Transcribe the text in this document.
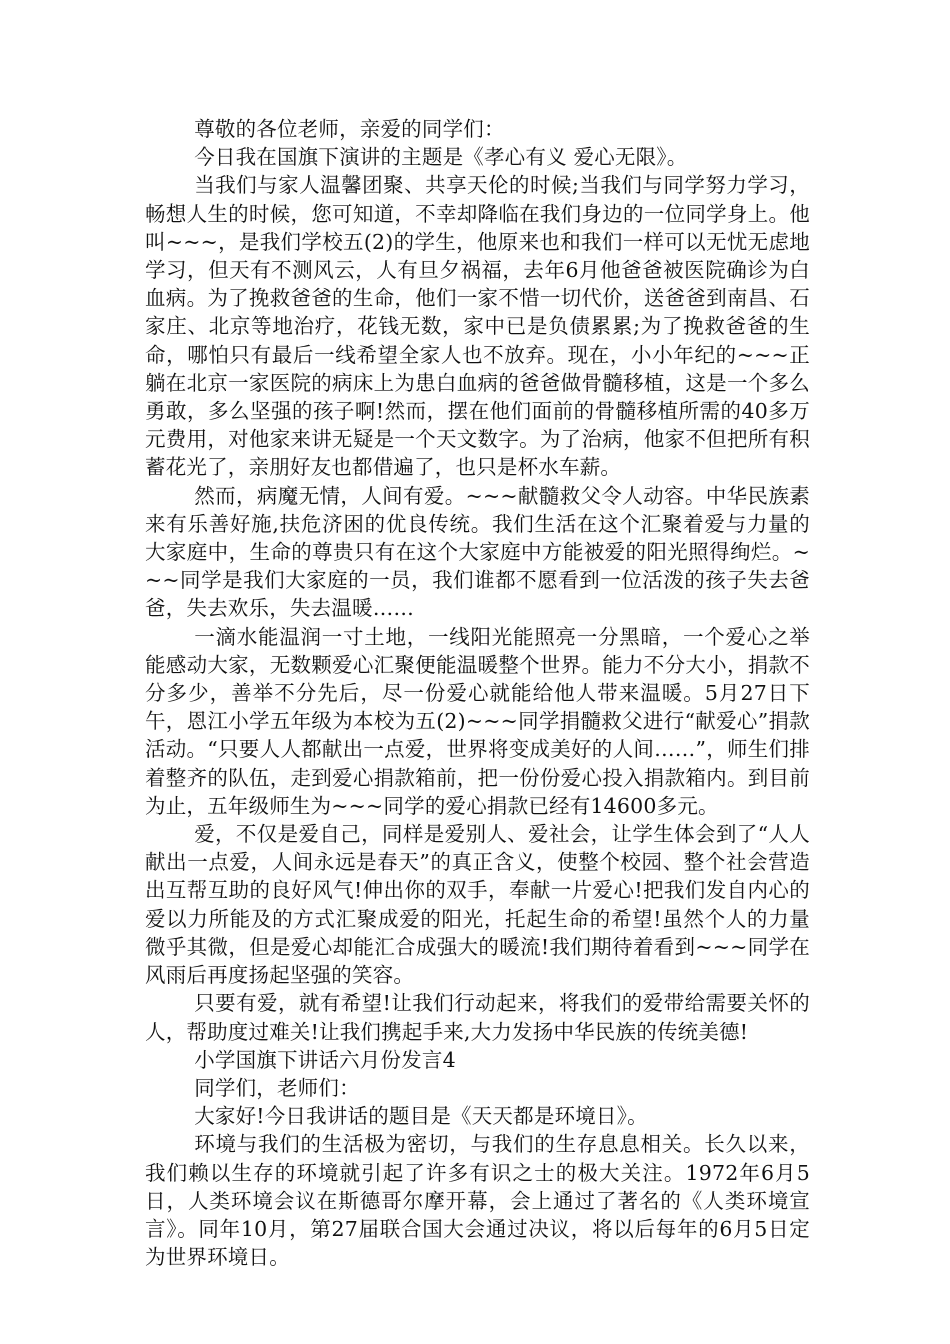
尊敬的各位老师，亲爱的同学们：

今日我在国旗下演讲的主题是《孝心有义 爱心无限》。

当我们与家人温馨团聚、共享天伦的时候;当我们与同学努力学习，畅想人生的时候，您可知道，不幸却降临在我们身边的一位同学身上。他叫~~~，是我们学校五(2)的学生，他原来也和我们一样可以无忧无虑地学习，但天有不测风云，人有旦夕祸福，去年6月他爸爸被医院确诊为白血病。为了挽救爸爸的生命，他们一家不惜一切代价，送爸爸到南昌、石家庄、北京等地治疗，花钱无数，家中已是负债累累;为了挽救爸爸的生命，哪怕只有最后一线希望全家人也不放弃。现在，小小年纪的~~~正躺在北京一家医院的病床上为患白血病的爸爸做骨髓移植，这是一个多么勇敢，多么坚强的孩子啊!然而，摆在他们面前的骨髓移植所需的40多万元费用，对他家来讲无疑是一个天文数字。为了治病，他家不但把所有积蓄花光了，亲朋好友也都借遍了，也只是杯水车薪。

然而，病魔无情，人间有爱。~~~献髓救父令人动容。中华民族素来有乐善好施,扶危济困的优良传统。我们生活在这个汇聚着爱与力量的大家庭中，生命的尊贵只有在这个大家庭中方能被爱的阳光照得绚烂。~~~同学是我们大家庭的一员，我们谁都不愿看到一位活泼的孩子失去爸爸，失去欢乐，失去温暖……

一滴水能温润一寸土地，一线阳光能照亮一分黑暗，一个爱心之举能感动大家，无数颗爱心汇聚便能温暖整个世界。能力不分大小，捐款不分多少，善举不分先后，尽一份爱心就能给他人带来温暖。5月27日下午，恩江小学五年级为本校为五(2)~~~同学捐髓救父进行“献爱心”捐款活动。“只要人人都献出一点爱，世界将变成美好的人间……”，师生们排着整齐的队伍，走到爱心捐款箱前，把一份份爱心投入捐款箱内。到目前为止，五年级师生为~~~同学的爱心捐款已经有14600多元。

爱，不仅是爱自己，同样是爱别人、爱社会，让学生体会到了“人人献出一点爱，人间永远是春天”的真正含义，使整个校园、整个社会营造出互帮互助的良好风气!伸出你的双手，奉献一片爱心!把我们发自内心的爱以力所能及的方式汇聚成爱的阳光，托起生命的希望!虽然个人的力量微乎其微，但是爱心却能汇合成强大的暖流!我们期待着看到~~~同学在风雨后再度扬起坚强的笑容。

只要有爱，就有希望!让我们行动起来，将我们的爱带给需要关怀的人，帮助度过难关!让我们携起手来,大力发扬中华民族的传统美德!

小学国旗下讲话六月份发言4

同学们，老师们：

大家好!今日我讲话的题目是《天天都是环境日》。

环境与我们的生活极为密切，与我们的生存息息相关。长久以来，我们赖以生存的环境就引起了许多有识之士的极大关注。1972年6月5日，人类环境会议在斯德哥尔摩开幕，会上通过了著名的《人类环境宣言》。同年10月，第27届联合国大会通过决议，将以后每年的6月5日定为世界环境日。
